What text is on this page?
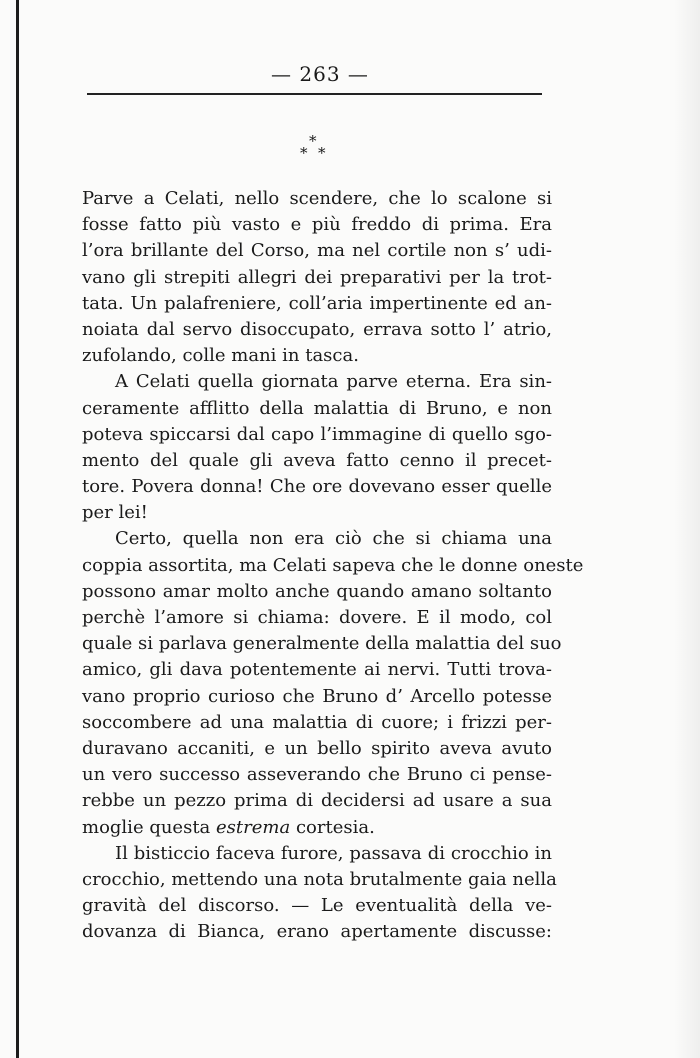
— 263 —
*
* *
Parve a Celati, nello scendere, che lo scalone si
fosse fatto più vasto e più freddo di prima. Era
l’ora brillante del Corso, ma nel cortile non s’ udi-
vano gli strepiti allegri dei preparativi per la trot-
tata. Un palafreniere, coll’aria impertinente ed an-
noiata dal servo disoccupato, errava sotto l’ atrio,
zufolando, colle mani in tasca.
A Celati quella giornata parve eterna. Era sin-
ceramente afflitto della malattia di Bruno, e non
poteva spiccarsi dal capo l’immagine di quello sgo-
mento del quale gli aveva fatto cenno il precet-
tore. Povera donna! Che ore dovevano esser quelle
per lei!
Certo, quella non era ciò che si chiama una
coppia assortita, ma Celati sapeva che le donne oneste
possono amar molto anche quando amano soltanto
perchè l’amore si chiama: dovere. E il modo, col
quale si parlava generalmente della malattia del suo
amico, gli dava potentemente ai nervi. Tutti trova-
vano proprio curioso che Bruno d’ Arcello potesse
soccombere ad una malattia di cuore; i frizzi per-
duravano accaniti, e un bello spirito aveva avuto
un vero successo asseverando che Bruno ci pense-
rebbe un pezzo prima di decidersi ad usare a sua
moglie questa estrema cortesia.
Il bisticcio faceva furore, passava di crocchio in
crocchio, mettendo una nota brutalmente gaia nella
gravità del discorso. — Le eventualità della ve-
dovanza di Bianca, erano apertamente discusse:
